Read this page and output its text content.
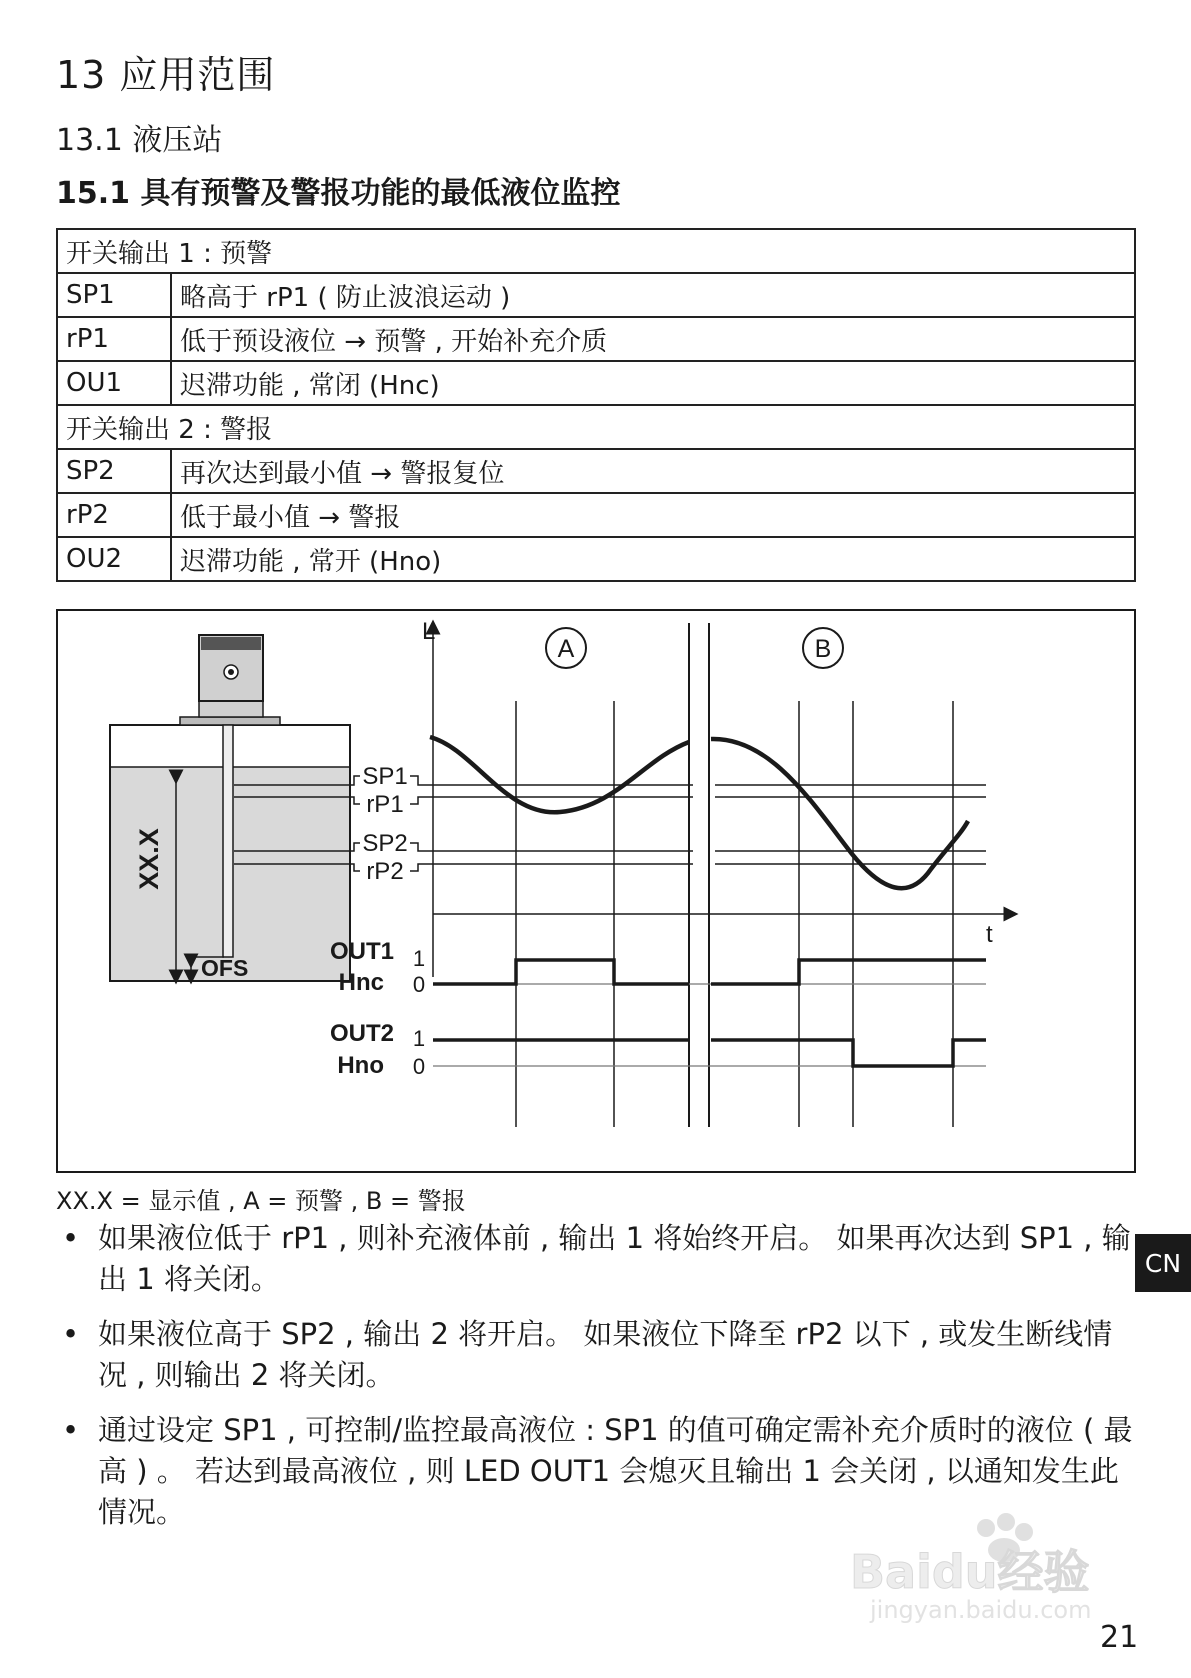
13 应用范围
13.1 液压站
15.1 具有预警及警报功能的最低液位监控
开关输出 1 : 预警	
SP1	略高于 rP1 ( 防止波浪运动 )
rP1	低于预设液位 → 预警 , 开始补充介质
OU1	迟滞功能 , 常闭 (Hnc)
开关输出 2 : 警报	
SP2	再次达到最小值 → 警报复位
rP2	低于最小值 → 警报
OU2	迟滞功能 , 常开 (Hno)
XX.X
OFS
SP1
rP1
SP2
rP2
L
t
A	B
OUT1
Hnc
OUT2
Hno
1
0
1
0
XX.X = 显示值 , A = 预警 , B = 警报
• 如果液位低于 rP1 , 则补充液体前 , 输出 1 将始终开启。 如果再次达到 SP1 , 输出 1 将关闭。
• 如果液位高于 SP2 , 输出 2 将开启。 如果液位下降至 rP2 以下 , 或发生断线情况 , 则输出 2 将关闭。
• 通过设定 SP1 , 可控制/监控最高液位 : SP1 的值可确定需补充介质时的液位 ( 最高 ) 。 若达到最高液位 , 则 LED OUT1 会熄灭且输出 1 会关闭 , 以通知发生此情况。
CN
Baidu经验
jingyan.baidu.com
21
